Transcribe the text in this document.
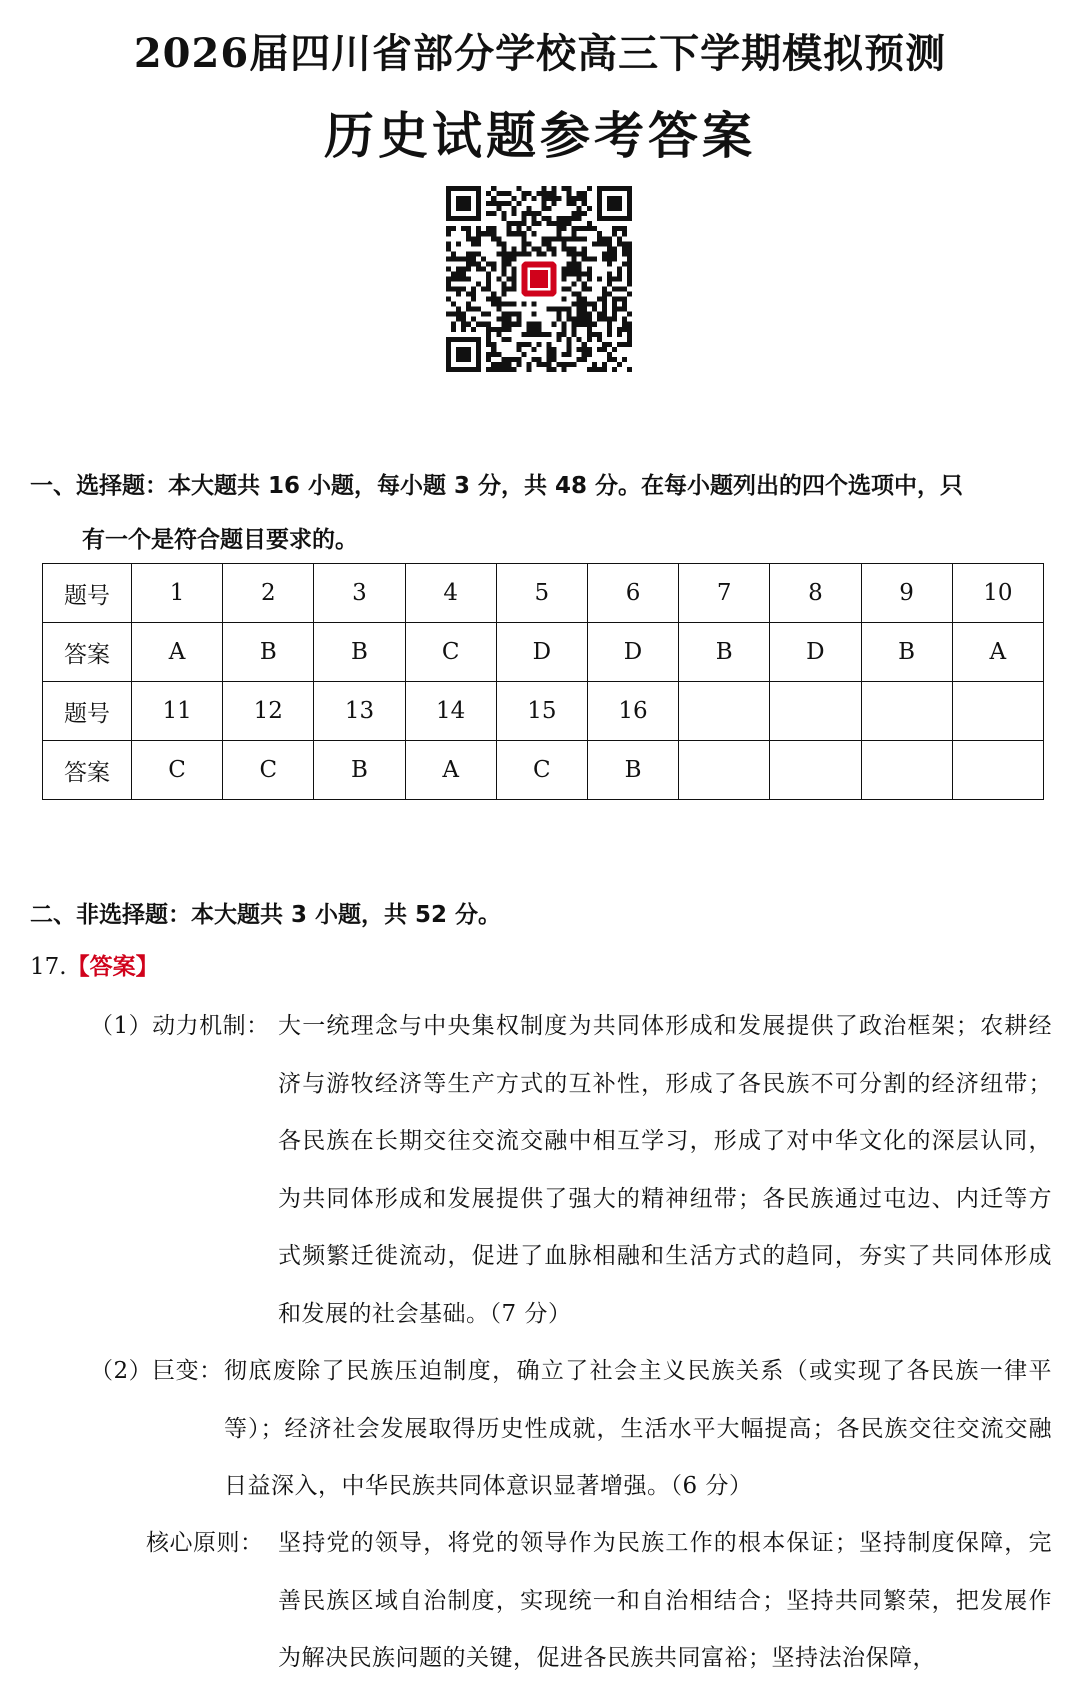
2026届四川省部分学校高三下学期模拟预测
历史试题参考答案
一、选择题：本大题共 16 小题，每小题 3 分，共 48 分。在每小题列出的四个选项中，只
有一个是符合题目要求的。
题号	1	2	3	4	5	6	7	8	9	10
答案	A	B	B	C	D	D	B	D	B	A
题号	11	12	13	14	15	16				
答案	C	C	B	A	C	B				
二、非选择题：本大题共 3 小题，共 52 分。
17.【答案】
（1）动力机制： 大一统理念与中央集权制度为共同体形成和发展提供了政治框架；农耕经济与游牧经济等生产方式的互补性，形成了各民族不可分割的经济纽带；各民族在长期交往交流交融中相互学习，形成了对中华文化的深层认同，为共同体形成和发展提供了强大的精神纽带；各民族通过屯边、内迁等方式频繁迁徙流动，促进了血脉相融和生活方式的趋同，夯实了共同体形成和发展的社会基础。（7 分）
（2）巨变： 彻底废除了民族压迫制度，确立了社会主义民族关系（或实现了各民族一律平等）；经济社会发展取得历史性成就，生活水平大幅提高；各民族交往交流交融日益深入，中华民族共同体意识显著增强。（6 分）
核心原则： 坚持党的领导，将党的领导作为民族工作的根本保证；坚持制度保障，完善民族区域自治制度，实现统一和自治相结合；坚持共同繁荣，把发展作为解决民族问题的关键，促进各民族共同富裕；坚持法治保障，
